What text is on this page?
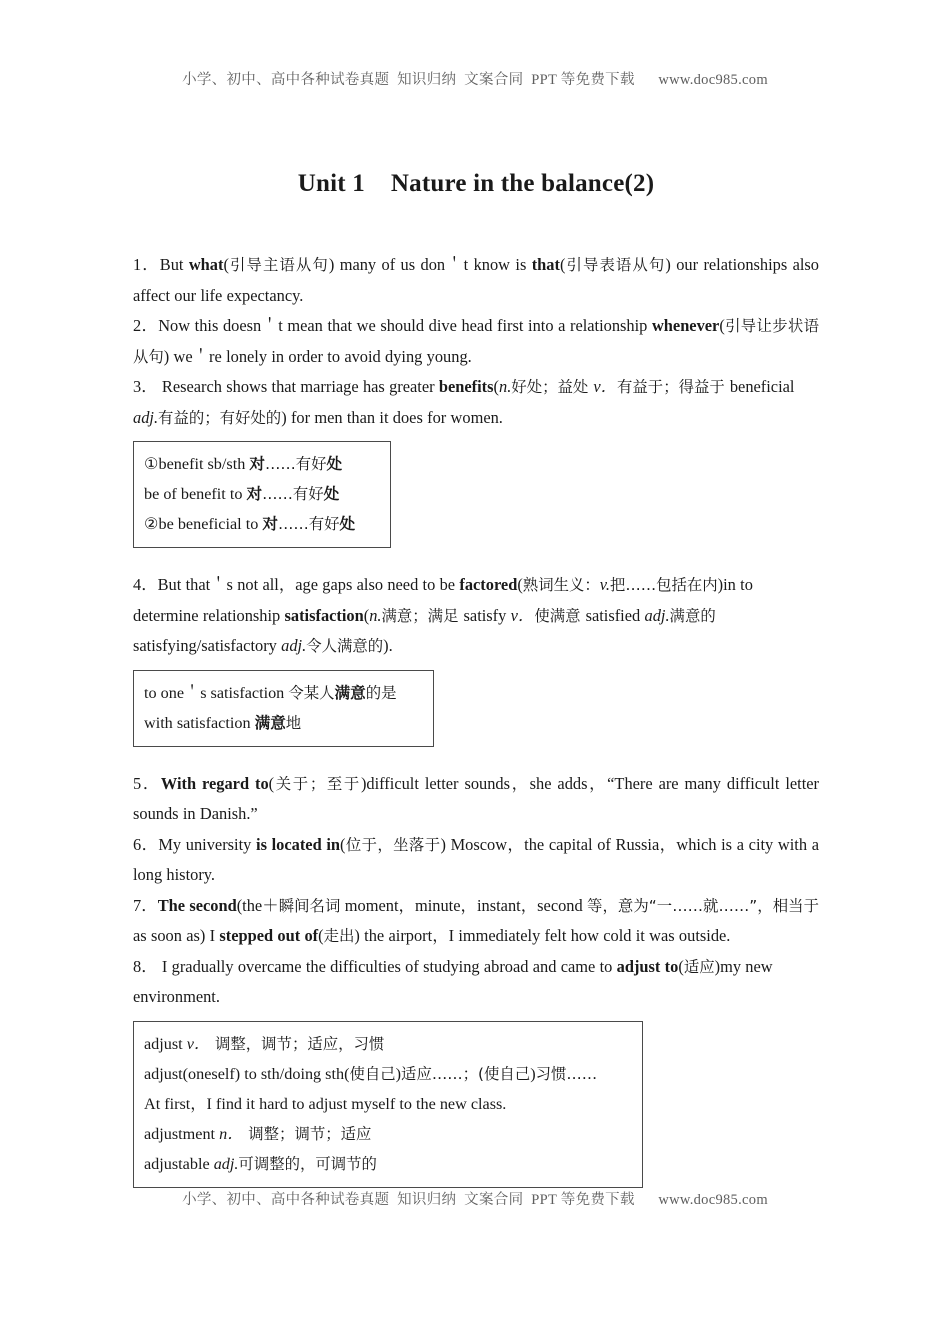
小学、初中、高中各种试卷真题  知识归纳  文案合同  PPT 等免费下载      www.doc985.com
Unit 1 Nature in the balance(2)

1．But what(引导主语从句) many of us don＇t know is that(引导表语从句) our relationships also affect our life expectancy.

2．Now this doesn＇t mean that we should dive head first into a relationship whenever(引导让步状语从句) we＇re lonely in order to avoid dying young.

3． Research shows that marriage has greater benefits(n.好处；益处 v．有益于；得益于 beneficial adj.有益的；有好处的) for men than it does for women.

①benefit sb/sth 对……有好处
be of benefit to 对……有好处
②be beneficial to 对……有好处

4．But that＇s not all，age gaps also need to be factored(熟词生义：v.把……包括在内)in to determine relationship satisfaction(n.满意；满足 satisfy v．使满意 satisfied adj.满意的 satisfying/satisfactory adj.令人满意的).

to one＇s satisfaction 令某人满意的是
with satisfaction 满意地

5．With regard to(关于；至于)difficult letter sounds，she adds，“There are many difficult letter sounds in Danish.”

6．My university is located in(位于，坐落于) Moscow，the capital of Russia，which is a city with a long history.

7．The second(the＋瞬间名词 moment，minute，instant，second 等，意为“一……就……”，相当于 as soon as) I stepped out of(走出) the airport，I immediately felt how cold it was outside.

8． I gradually overcame the difficulties of studying abroad and came to adjust to(适应)my new environment.

adjust v． 调整，调节；适应，习惯
adjust(oneself) to sth/doing sth(使自己)适应……；(使自己)习惯……
At first，I find it hard to adjust myself to the new class.
adjustment n． 调整；调节；适应
adjustable adj.可调整的，可调节的
小学、初中、高中各种试卷真题  知识归纳  文案合同  PPT 等免费下载      www.doc985.com
